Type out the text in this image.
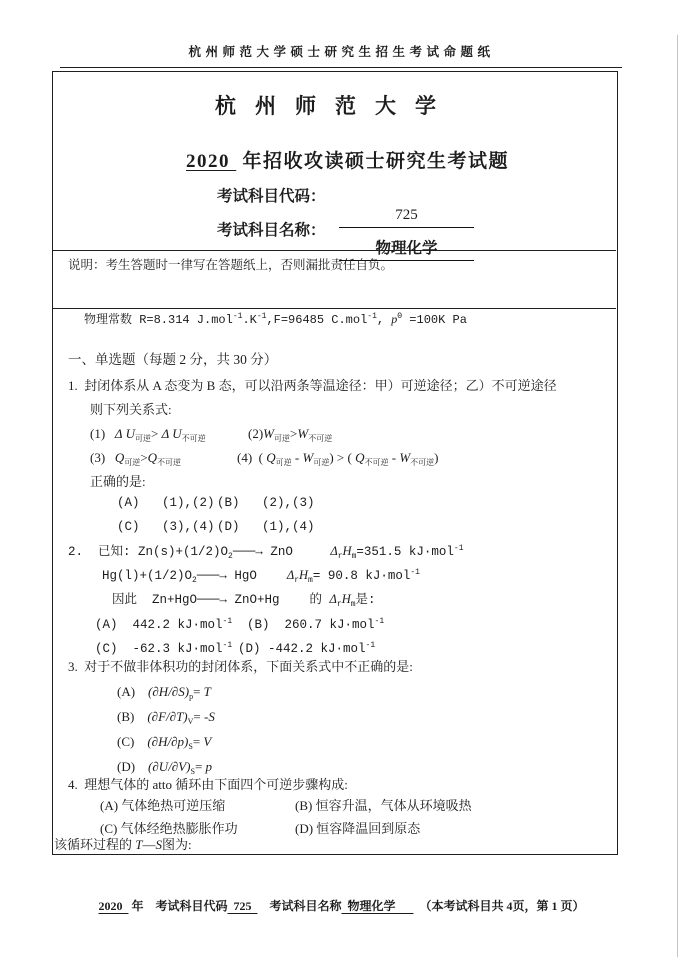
杭州师范大学硕士研究生招生考试命题纸
杭州师范大学

2020  年招收攻读硕士研究生考试题

考试科目代码：

725

考试科目名称：

物理化学

说明：考生答题时一律写在答题纸上，否则漏批责任自负。
物理常数 R=8.314 $J.mol^{-1}.K^{-1},F=96485$ C.mol$^{-1}$, $p^\Theta =100K$ Pa
一、单选题（每题 2 分，共 30 分）
1.  封闭体系从 A 态变为 B 态，可以沿两条等温途径：甲）可逆途径；乙）不可逆途径
则下列关系式:
(1)   Δ $U_{可逆}> \Delta$ $U_{不可逆}$	$(2)W_{可逆}>W_{不可逆}$
(3)   $Q_{可逆}>Q_{不可逆}$	(4)  ( $Q_{可逆} - W_{可逆}$) > ( $Q_{不可逆} - W_{不可逆}$)
正确的是:
(A)   (1),(2) (B)   (2),(3)
(C)   (3),(4) (D)   (1),(4)
2.  已知: $Zn(s)+(1/2)O_2───\to$ ZnO     $\Delta_rH_m=351.5$ kJ·mol$^{-1}$
$Hg(l)+(1/2)O_2───\to$ HgO    $\Delta_rH_m= 90.8$ kJ·mol$^{-1}$
因此  Zn+HgO───→ ZnO+Hg    的 $\Delta_rH_m$是:
(A)  442.2 kJ·mol$^{-1}$ (B)  260.7 kJ·mol$^{-1}$
(C)  -62.3 kJ·mol$^{-1}$ (D) -442.2 kJ·mol$^{-1}$
3.  对于不做非体积功的封闭体系，下面关系式中不正确的是:
(A)    $(\partial H/\partial S)_p= T$
(B)    $(\partial F/\partial T)_V= -S$
(C)    $(\partial H/\partial p)_S= V$
(D)    $(\partial U/\partial V)_S= p$
4.  理想气体的 atto 循环由下面四个可逆步骤构成:
(A) 气体绝热可逆压缩	(B) 恒容升温，气体从环境吸热
(C) 气体经绝热膨胀作功	(D) 恒容降温回到原态
该循环过程的 T—S图为:
2020   年　考试科目代码  725  　考试科目名称  物理化学　  　（本考试科目共 4页，第 1 页）
